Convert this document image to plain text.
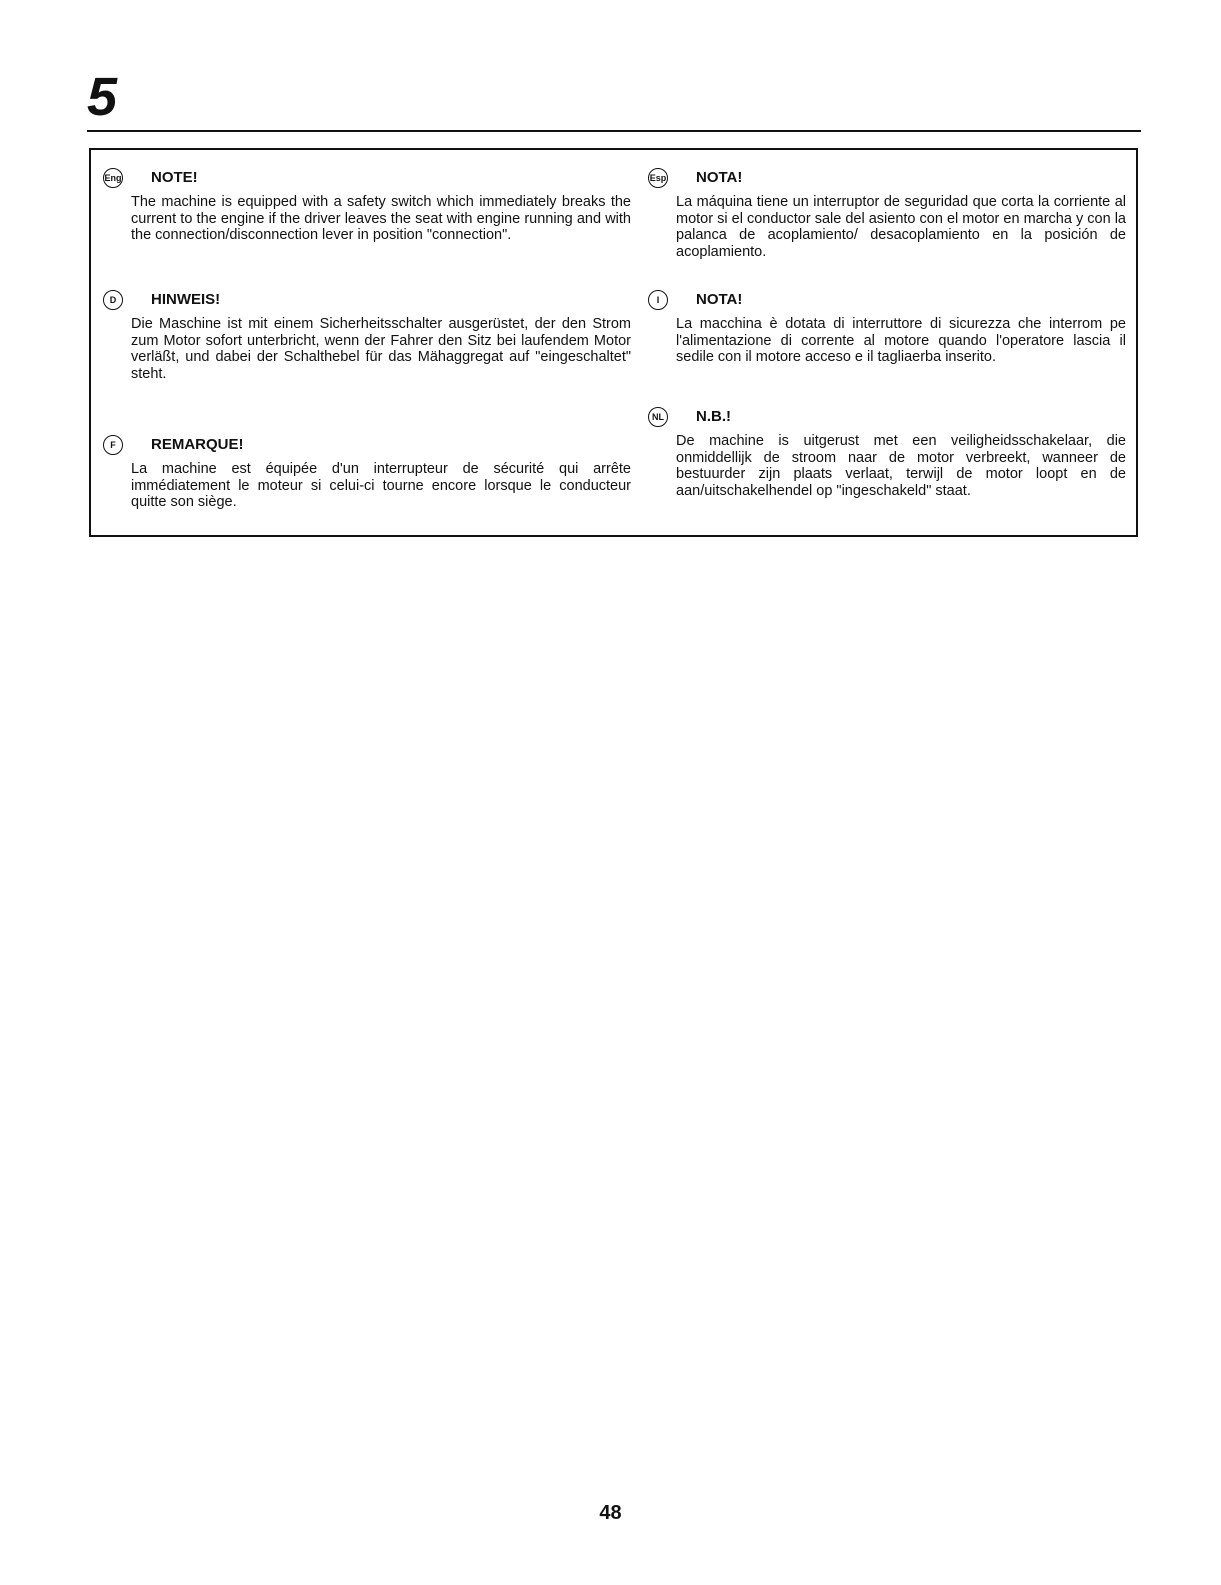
5
Eng NOTE!

The machine is equipped with a safety switch which immediately breaks the current to the engine if the driver leaves the seat with engine running and with the connection/disconnection lever in position "connection".

D	HINWEIS!

Die Maschine ist mit einem Sicherheitsschalter ausgerüstet, der den Strom zum Motor sofort unterbricht, wenn der Fahrer den Sitz bei laufendem Motor verläßt, und dabei der Schalthebel für das Mähaggregat auf "eingeschaltet" steht.

F	REMARQUE!

La machine est équipée d'un interrupteur de sécurité qui arrête immédiatement le moteur si celui-ci tourne encore lorsque le conducteur quitte son siège.

Esp NOTA!

La máquina tiene un interruptor de seguridad que corta la corriente al motor si el conductor sale del asiento con el motor en marcha y con la palanca de acoplamiento/ desacoplamiento en la posición de acoplamiento.

I	NOTA!

La macchina è dotata di interruttore di sicurezza che interrom pe l'alimentazione di corrente al motore quando l'operatore lascia il sedile con il motore acceso e il tagliaerba inserito.

NL N.B.!

De machine is uitgerust met een veiligheidsschakelaar, die onmiddellijk de stroom naar de motor verbreekt, wanneer de bestuurder zijn plaats verlaat, terwijl de motor loopt en de aan/uitschakelhendel op "ingeschakeld" staat.

48
